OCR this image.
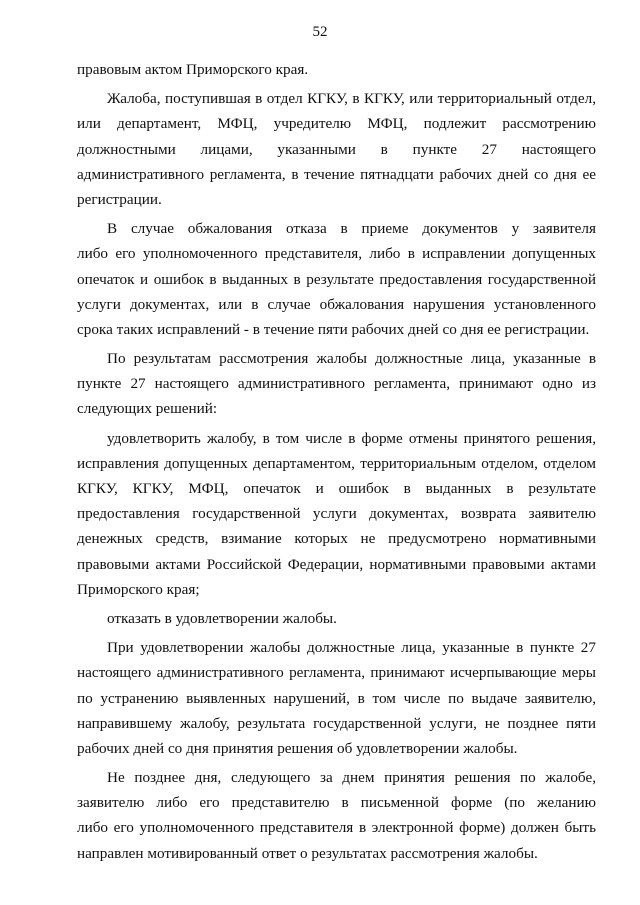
52
правовым актом Приморского края.
Жалоба, поступившая в отдел КГКУ, в КГКУ, или территориальный отдел,
или департамент, МФЦ, учредителю МФЦ, подлежит рассмотрению
должностными лицами, указанными в пункте 27 настоящего
административного регламента, в течение пятнадцати рабочих дней со дня ее
регистрации.
В случае обжалования отказа в приеме документов у заявителя
либо его уполномоченного представителя, либо в исправлении допущенных
опечаток и ошибок в выданных в результате предоставления государственной
услуги документах, или в случае обжалования нарушения установленного
срока таких исправлений - в течение пяти рабочих дней со дня ее регистрации.
По результатам рассмотрения жалобы должностные лица, указанные в
пункте 27 настоящего административного регламента, принимают одно из
следующих решений:
удовлетворить жалобу, в том числе в форме отмены принятого решения,
исправления допущенных департаментом, территориальным отделом, отделом
КГКУ, КГКУ, МФЦ, опечаток и ошибок в выданных в результате
предоставления государственной услуги документах, возврата заявителю
денежных средств, взимание которых не предусмотрено нормативными
правовыми актами Российской Федерации, нормативными правовыми актами
Приморского края;
отказать в удовлетворении жалобы.
При удовлетворении жалобы должностные лица, указанные в пункте 27
настоящего административного регламента, принимают исчерпывающие меры
по устранению выявленных нарушений, в том числе по выдаче заявителю,
направившему жалобу, результата государственной услуги, не позднее пяти
рабочих дней со дня принятия решения об удовлетворении жалобы.
Не позднее дня, следующего за днем принятия решения по жалобе,
заявителю либо его представителю в письменной форме (по желанию
либо его уполномоченного представителя в электронной форме) должен быть
направлен мотивированный ответ о результатах рассмотрения жалобы.
